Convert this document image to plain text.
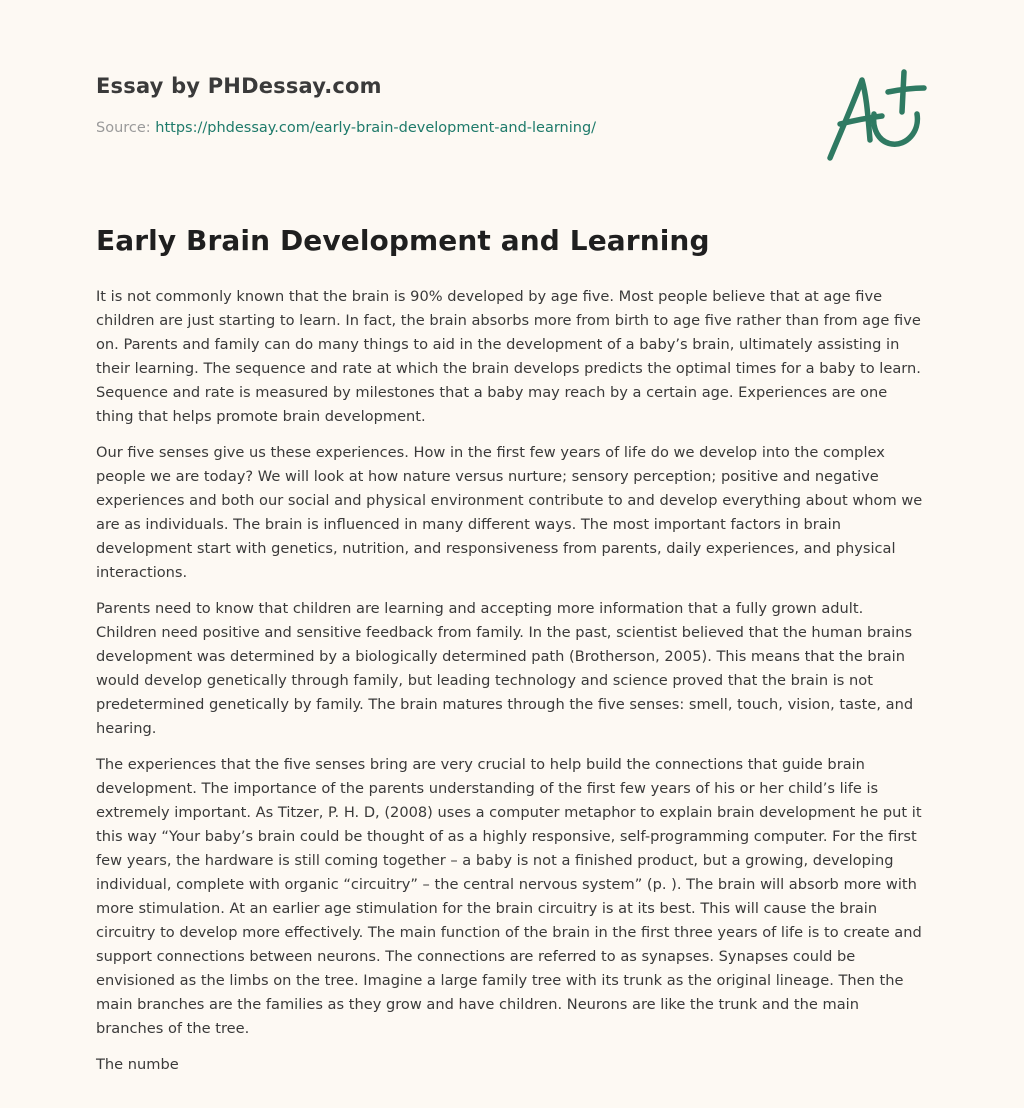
Essay by PHDessay.com
Source: https://phdessay.com/early-brain-development-and-learning/
Early Brain Development and Learning

It is not commonly known that the brain is 90% developed by age five. Most people believe that at age five children are just starting to learn. In fact, the brain absorbs more from birth to age five rather than from age five on. Parents and family can do many things to aid in the development of a baby’s brain, ultimately assisting in their learning. The sequence and rate at which the brain develops predicts the optimal times for a baby to learn. Sequence and rate is measured by milestones that a baby may reach by a certain age. Experiences are one thing that helps promote brain development.

Our five senses give us these experiences. How in the first few years of life do we develop into the complex people we are today? We will look at how nature versus nurture; sensory perception; positive and negative experiences and both our social and physical environment contribute to and develop everything about whom we are as individuals. The brain is influenced in many different ways. The most important factors in brain development start with genetics, nutrition, and responsiveness from parents, daily experiences, and physical interactions.

Parents need to know that children are learning and accepting more information that a fully grown adult. Children need positive and sensitive feedback from family. In the past, scientist believed that the human brains development was determined by a biologically determined path (Brotherson, 2005). This means that the brain would develop genetically through family, but leading technology and science proved that the brain is not predetermined genetically by family. The brain matures through the five senses: smell, touch, vision, taste, and hearing.

The experiences that the five senses bring are very crucial to help build the connections that guide brain development. The importance of the parents understanding of the first few years of his or her child’s life is extremely important. As Titzer, P. H. D, (2008) uses a computer metaphor to explain brain development he put it this way “Your baby’s brain could be thought of as a highly responsive, self-programming computer. For the first few years, the hardware is still coming together – a baby is not a finished product, but a growing, developing individual, complete with organic “circuitry” – the central nervous system” (p. ). The brain will absorb more with more stimulation. At an earlier age stimulation for the brain circuitry is at its best. This will cause the brain circuitry to develop more effectively. The main function of the brain in the first three years of life is to create and support connections between neurons. The connections are referred to as synapses. Synapses could be envisioned as the limbs on the tree. Imagine a large family tree with its trunk as the original lineage. Then the main branches are the families as they grow and have children. Neurons are like the trunk and the main branches of the tree.

The numbe
